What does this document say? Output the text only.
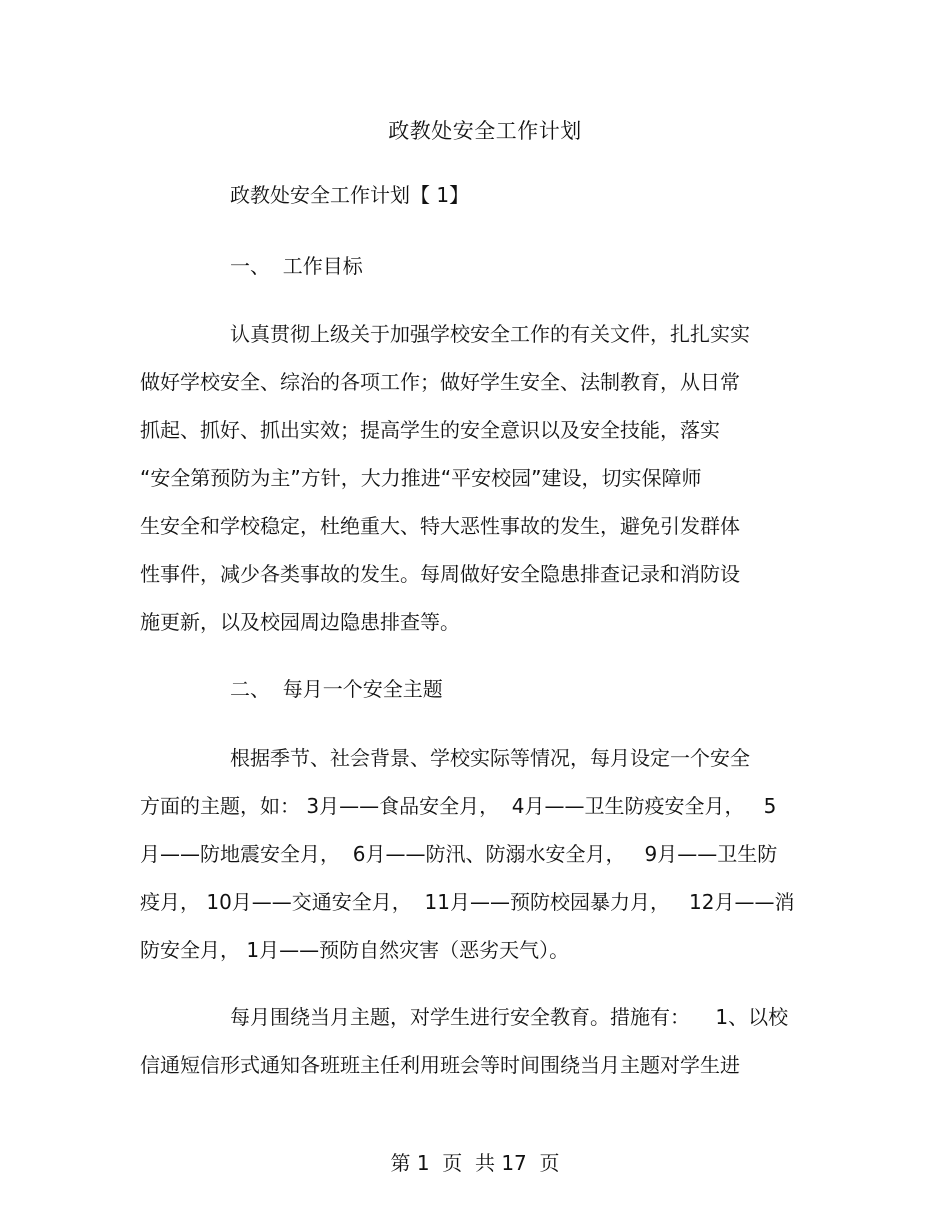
政教处安全工作计划
政教处安全工作计划【 1】
一、  工作目标
认真贯彻上级关于加强学校安全工作的有关文件，扎扎实实
做好学校安全、综治的各项工作；做好学生安全、法制教育，从日常
抓起、抓好、抓出实效；提高学生的安全意识以及安全技能，落实
“安全第预防为主”方针，大力推进“平安校园”建设，切实保障师
生安全和学校稳定，杜绝重大、特大恶性事故的发生，避免引发群体
性事件，减少各类事故的发生。每周做好安全隐患排查记录和消防设
施更新，以及校园周边隐患排查等。
二、  每月一个安全主题
根据季节、社会背景、学校实际等情况，每月设定一个安全
方面的主题，如： 3月——食品安全月，  4月——卫生防疫安全月，   5
月——防地震安全月，  6月——防汛、防溺水安全月，   9月——卫生防
疫月， 10月——交通安全月，  11月——预防校园暴力月，   12月——消
防安全月， 1月——预防自然灾害（恶劣天气）。
每月围绕当月主题，对学生进行安全教育。措施有：    1、以校
信通短信形式通知各班班主任利用班会等时间围绕当月主题对学生进
第 1  页  共 17  页
